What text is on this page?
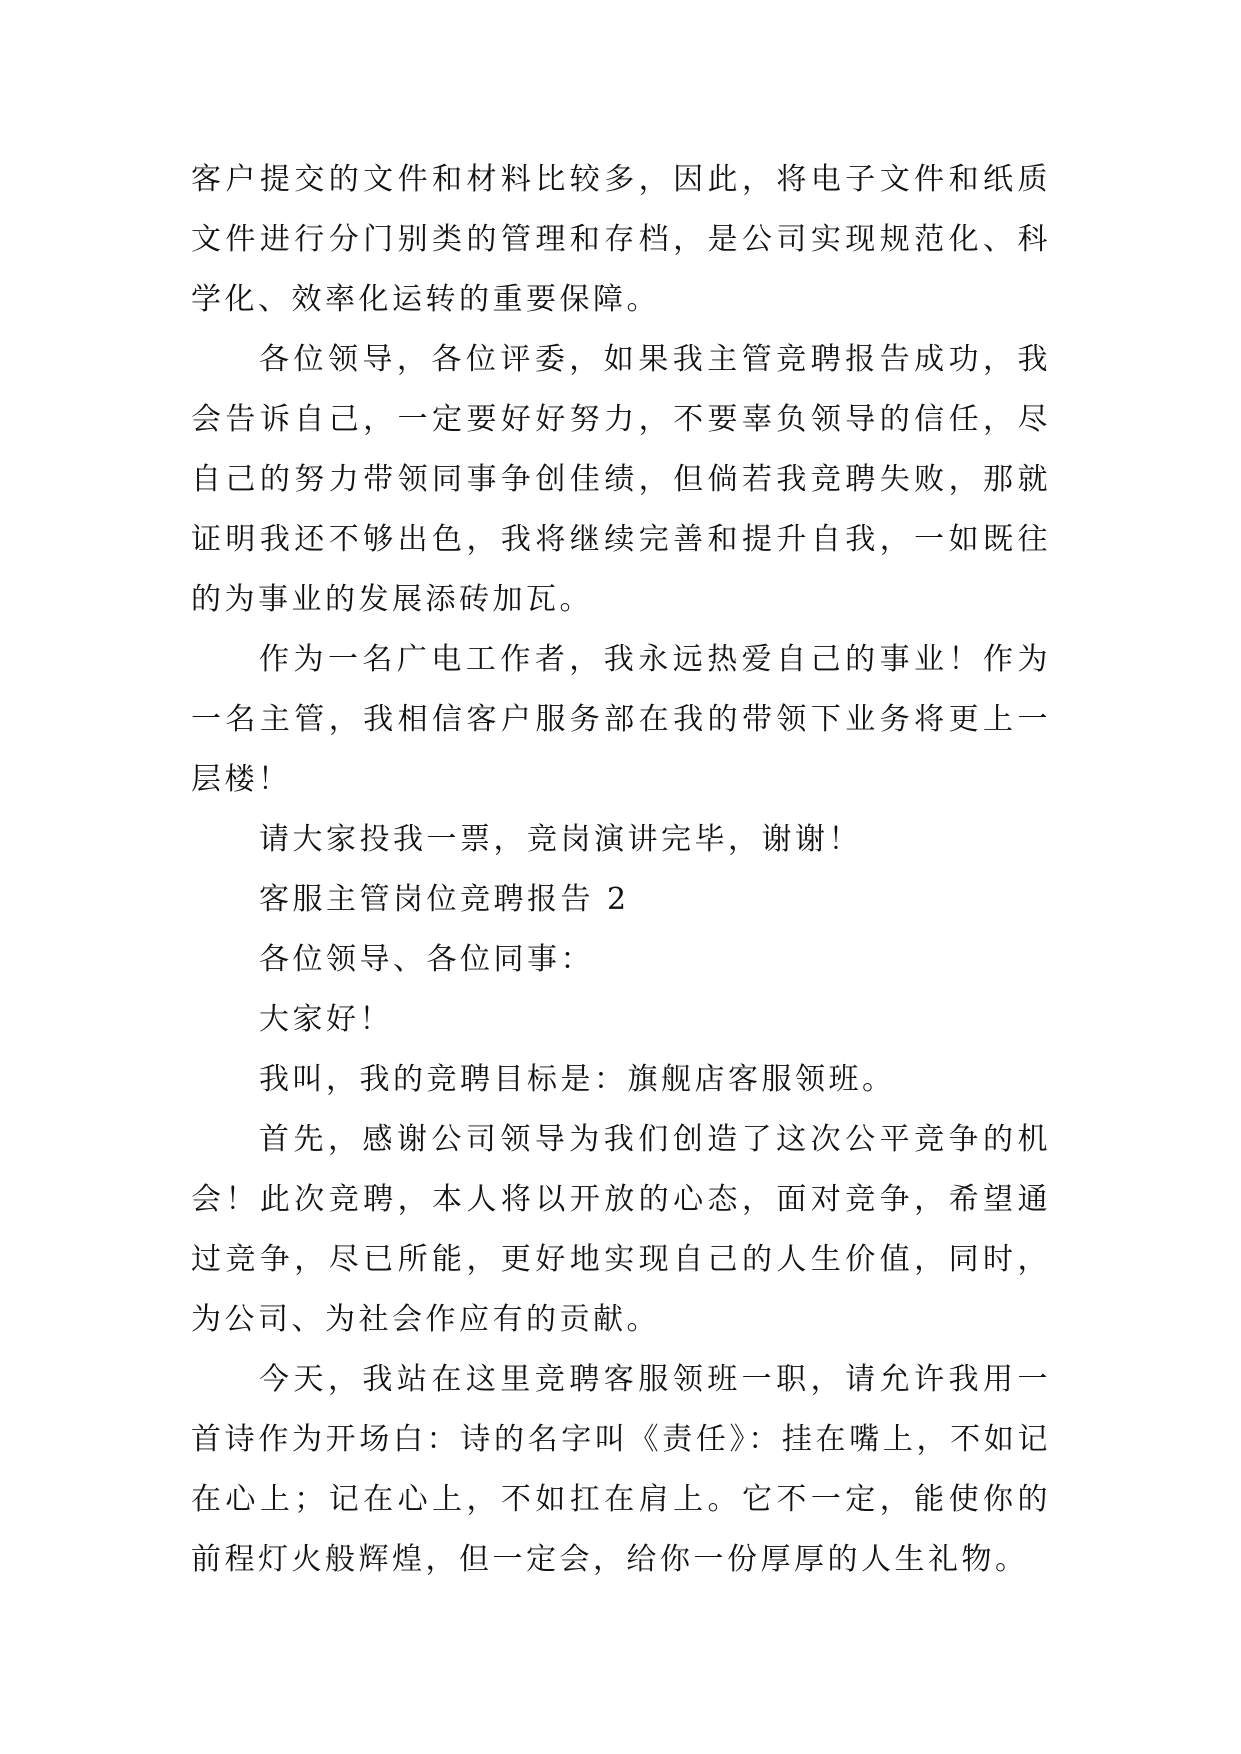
客户提交的文件和材料比较多，因此，将电子文件和纸质文件进行分门别类的管理和存档，是公司实现规范化、科学化、效率化运转的重要保障。

各位领导，各位评委，如果我主管竞聘报告成功，我会告诉自己，一定要好好努力，不要辜负领导的信任，尽自己的努力带领同事争创佳绩，但倘若我竞聘失败，那就证明我还不够出色，我将继续完善和提升自我，一如既往的为事业的发展添砖加瓦。

作为一名广电工作者，我永远热爱自己的事业！作为一名主管，我相信客户服务部在我的带领下业务将更上一层楼！

请大家投我一票，竞岗演讲完毕，谢谢！

客服主管岗位竞聘报告 2

各位领导、各位同事：

大家好！

我叫，我的竞聘目标是：旗舰店客服领班。

首先，感谢公司领导为我们创造了这次公平竞争的机会！此次竞聘，本人将以开放的心态，面对竞争，希望通过竞争，尽已所能，更好地实现自己的人生价值，同时，为公司、为社会作应有的贡献。

今天，我站在这里竞聘客服领班一职，请允许我用一首诗作为开场白：诗的名字叫《责任》：挂在嘴上，不如记在心上；记在心上，不如扛在肩上。它不一定，能使你的前程灯火般辉煌，但一定会，给你一份厚厚的人生礼物。
